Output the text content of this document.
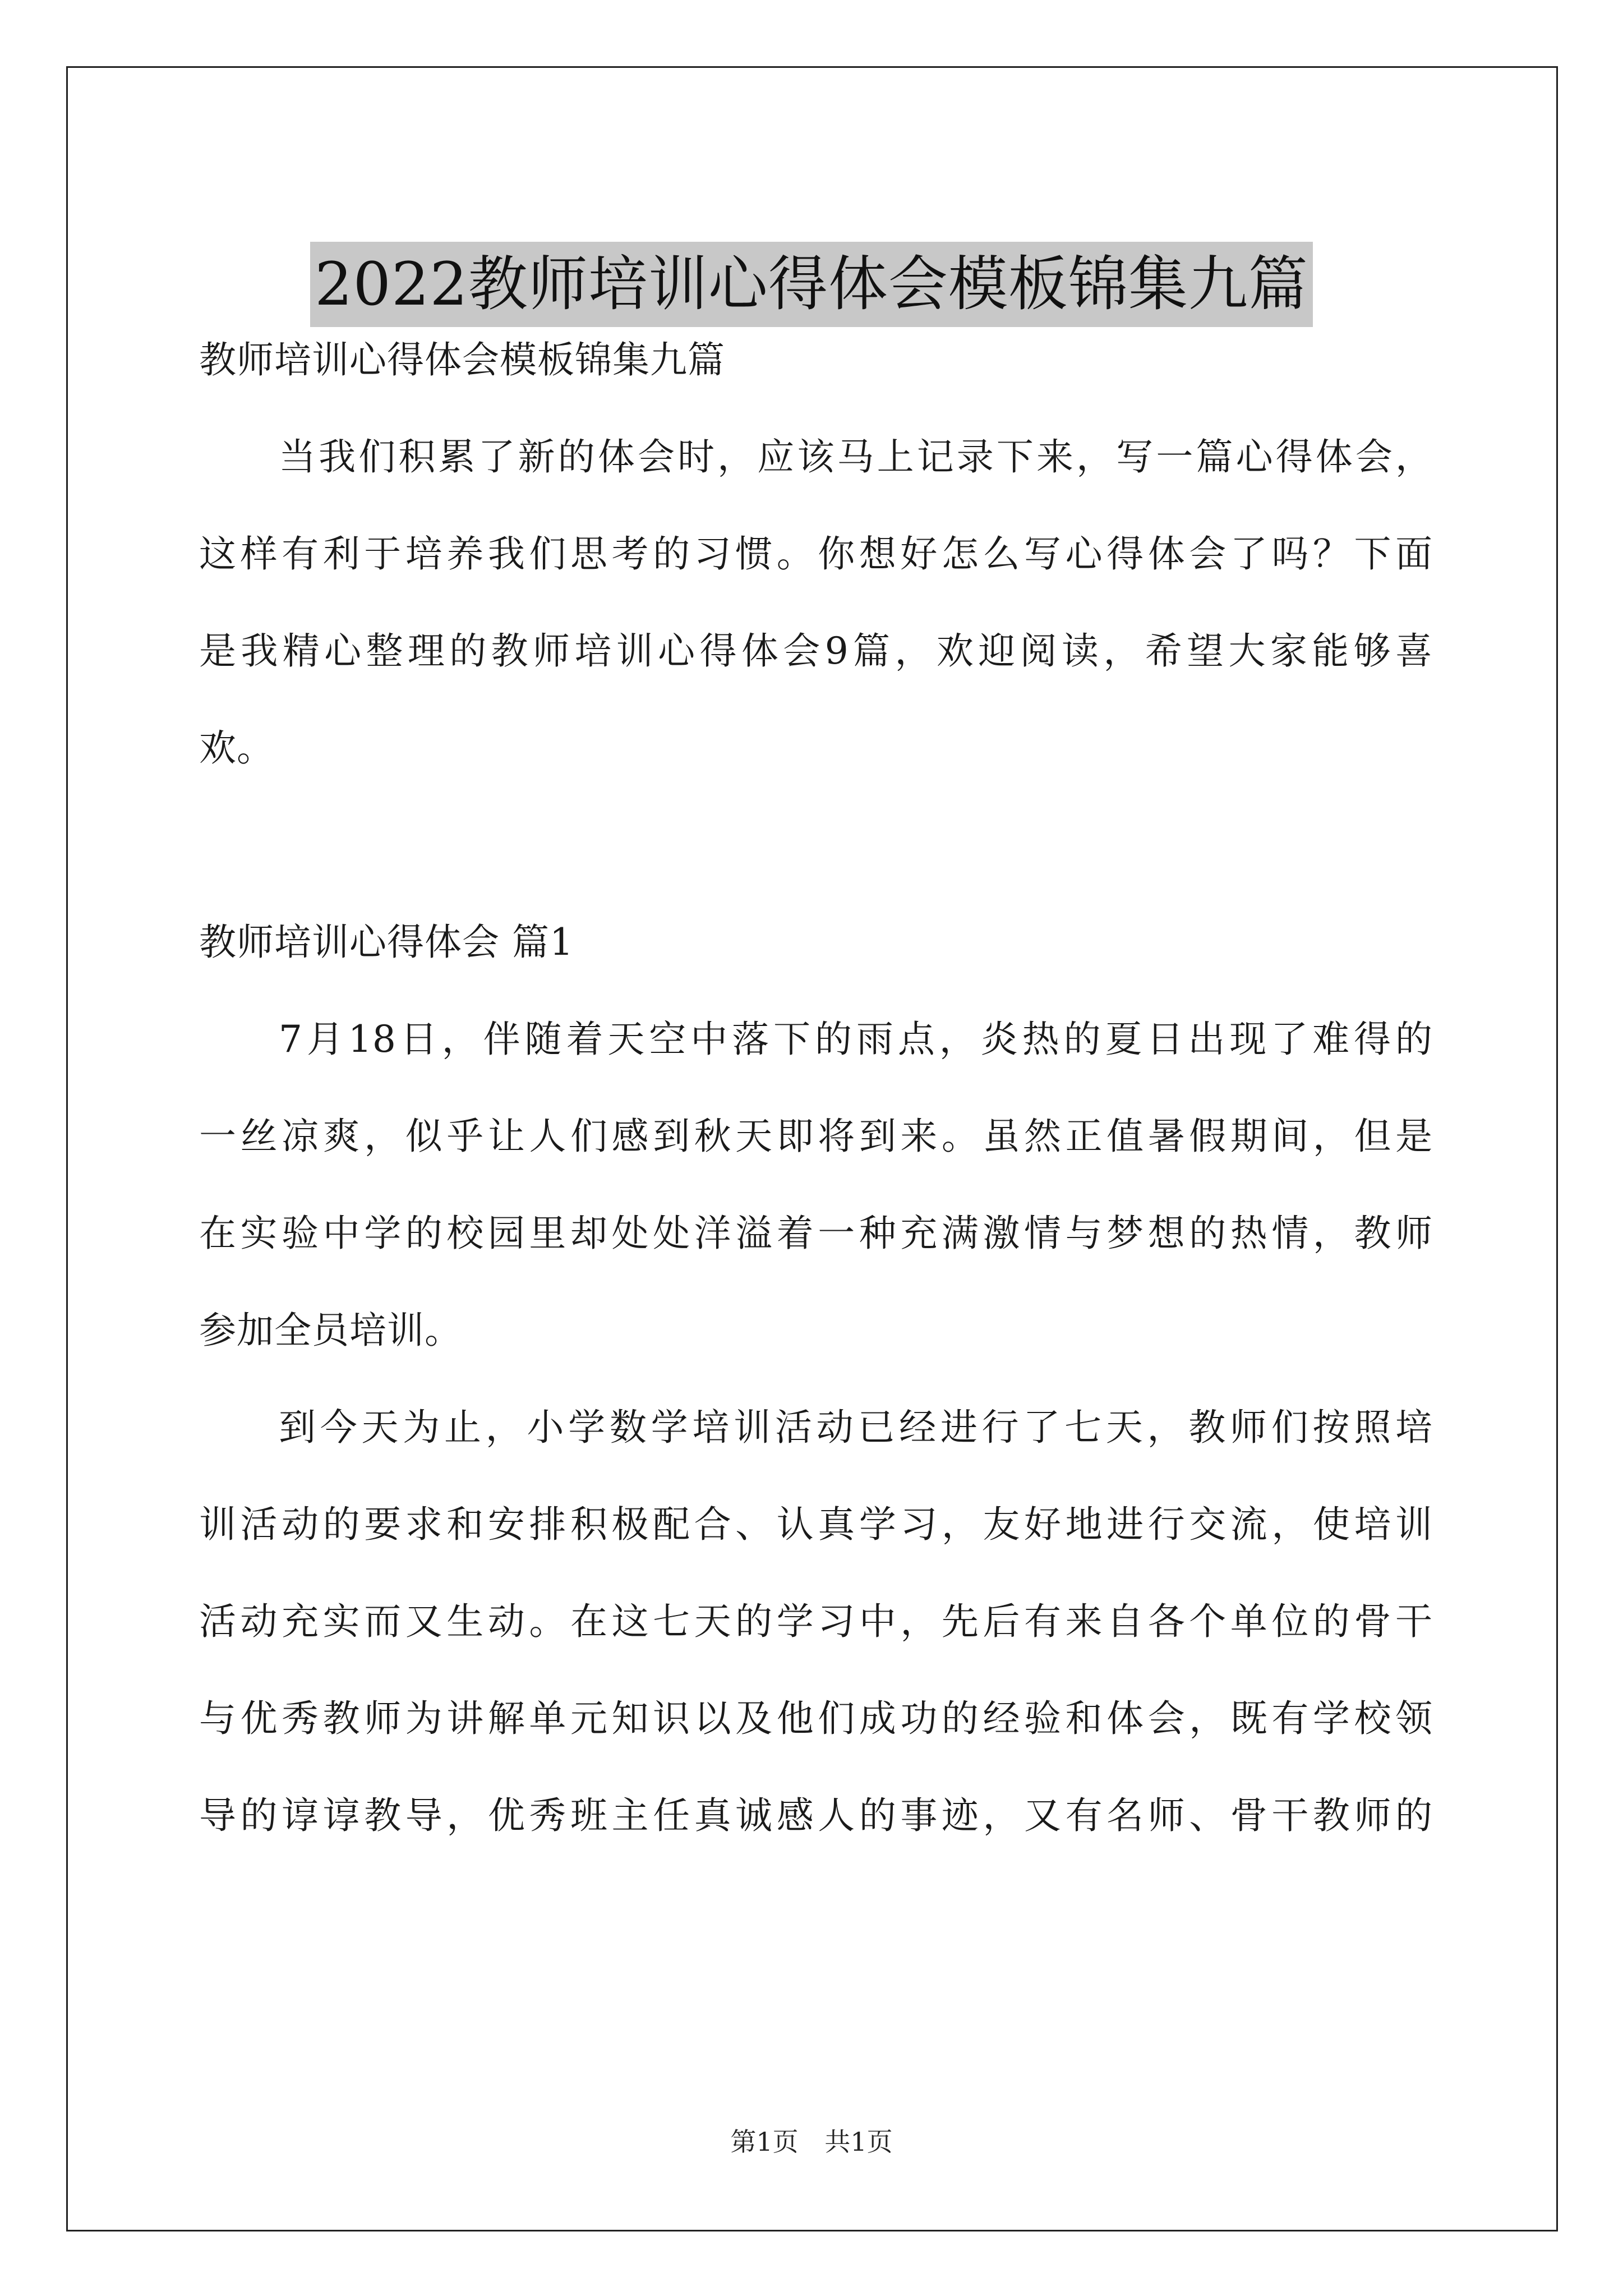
2022教师培训心得体会模板锦集九篇
教师培训心得体会模板锦集九篇
当我们积累了新的体会时，应该马上记录下来，写一篇心得体会，
这样有利于培养我们思考的习惯。你想好怎么写心得体会了吗？下面
是我精心整理的教师培训心得体会9篇，欢迎阅读，希望大家能够喜
欢。
教师培训心得体会 篇1
7月18日，伴随着天空中落下的雨点，炎热的夏日出现了难得的
一丝凉爽，似乎让人们感到秋天即将到来。虽然正值暑假期间，但是
在实验中学的校园里却处处洋溢着一种充满激情与梦想的热情，教师
参加全员培训。
到今天为止，小学数学培训活动已经进行了七天，教师们按照培
训活动的要求和安排积极配合、认真学习，友好地进行交流，使培训
活动充实而又生动。在这七天的学习中，先后有来自各个单位的骨干
与优秀教师为讲解单元知识以及他们成功的经验和体会，既有学校领
导的谆谆教导，优秀班主任真诚感人的事迹，又有名师、骨干教师的
第1页 共1页
